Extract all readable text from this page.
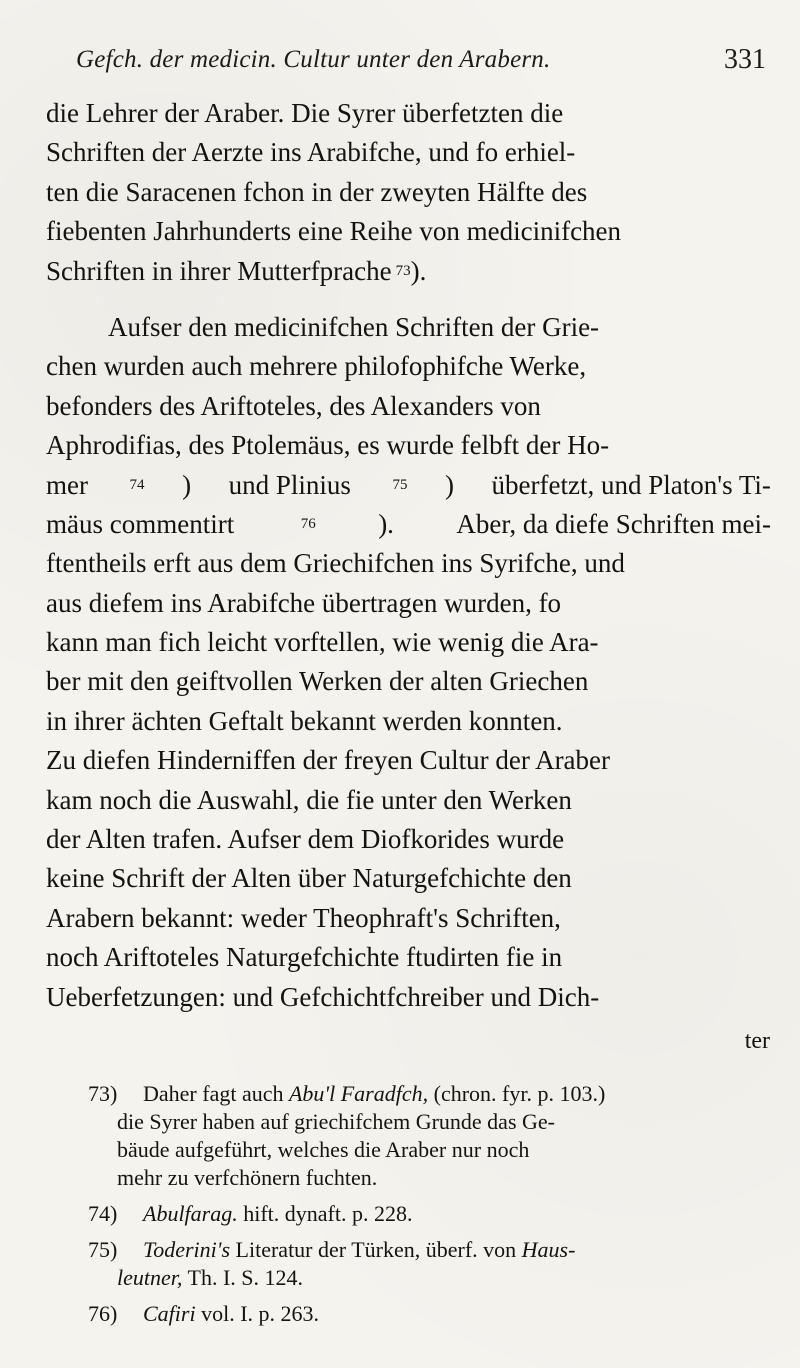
Gefch. der medicin. Cultur unter den Arabern.	331
die Lehrer der Araber. Die Syrer überfetzten die
Schriften der Aerzte ins Arabifche, und fo erhiel-
ten die Saracenen fchon in der zweyten Hälfte des
fiebenten Jahrhunderts eine Reihe von medicinifchen
Schriften in ihrer Mutterfprache 73 ).
Aufser den medicinifchen Schriften der Grie-
chen wurden auch mehrere philofophifche Werke,
befonders des Ariftoteles, des Alexanders von
Aphrodifias, des Ptolemäus, es wurde felbft der Ho-
mer	74 ) und Plinius	75 ) überfetzt, und Platon's Ti-
mäus commentirt	76 ). Aber, da diefe Schriften mei-
ftentheils erft aus dem Griechifchen ins Syrifche, und
aus diefem ins Arabifche übertragen wurden, fo
kann man fich leicht vorftellen, wie wenig die Ara-
ber mit den geiftvollen Werken der alten Griechen
in ihrer ächten Geftalt bekannt werden konnten.
Zu diefen Hinderniffen der freyen Cultur der Araber
kam noch die Auswahl, die fie unter den Werken
der Alten trafen. Aufser dem Diofkorides wurde
keine Schrift der Alten über Naturgefchichte den
Arabern bekannt: weder Theophraft's Schriften,
noch Ariftoteles Naturgefchichte ftudirten fie in
Ueberfetzungen: und Gefchichtfchreiber und Dich-
ter
73) Daher fagt auch Abu'l Faradfch, (chron. fyr. p. 103.)
die Syrer haben auf griechifchem Grunde das Ge-
bäude aufgeführt, welches die Araber nur noch
mehr zu verfchönern fuchten.
74) Abulfarag. hift. dynaft. p. 228.
75) Toderini's Literatur der Türken, überf. von Haus-
leutner, Th. I. S. 124.
76) Cafiri vol. I. p. 263.
